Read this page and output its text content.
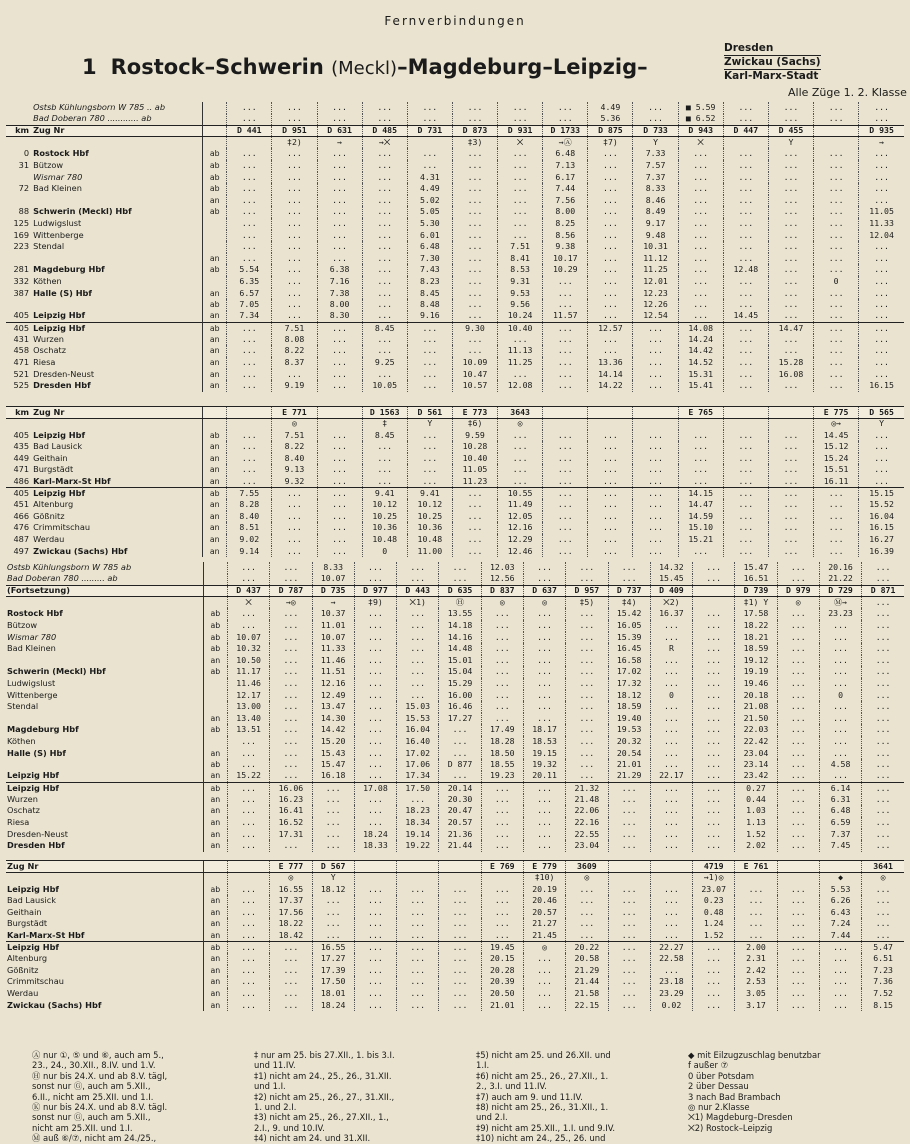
Fernverbindungen
1 Rostock–Schwerin (Meckl)–Magdeburg–Leipzig–
Dresden
Zwickau (Sachs)
Karl-Marx-Stadt
Alle Züge 1. 2. Klasse
	Ostsb Kühlungsborn W 785 .. ab		...	...	...	...	...	...	...	...	4.49	...	■ 5.59	...	...	...	...
	Bad Doberan 780 ............ ab		...	...	...	...	...	...	...	...	5.36	...	■ 6.52	...	...	...	...
km	Zug Nr		D 441	D 951	D 631	D 485	D 731	D 873	D 931	D 1733	D 875	D 733	D 943	D 447	D 455		D 935
				‡2)	→	→⨉		‡3)	⨉	→Ⓐ	‡7)	Y	⨉		Y		→
0	Rostock Hbf	ab	...	...	...	...	...	...	...	6.48	...	7.33	...	...	...	...	...
31	Bützow	ab	...	...	...	...	...	...	...	7.13	...	7.57	...	...	...	...	...
	Wismar 780	ab	...	...	...	...	4.31	...	...	6.17	...	7.37	...	...	...	...	...
72	Bad Kleinen	ab	...	...	...	...	4.49	...	...	7.44	...	8.33	...	...	...	...	...
		an	...	...	...	...	5.02	...	...	7.56	...	8.46	...	...	...	...	...
88	Schwerin (Meckl) Hbf	ab	...	...	...	...	5.05	...	...	8.00	...	8.49	...	...	...	...	11.05
125	Ludwigslust		...	...	...	...	5.30	...	...	8.25	...	9.17	...	...	...	...	11.33
169	Wittenberge		...	...	...	...	6.01	...	...	8.56	...	9.48	...	...	...	...	12.04
223	Stendal		...	...	...	...	6.48	...	7.51	9.38	...	10.31	...	...	...	...	...
		an	...	...	...	...	7.30	...	8.41	10.17	...	11.12	...	...	...	...	...
281	Magdeburg Hbf	ab	5.54	...	6.38	...	7.43	...	8.53	10.29	...	11.25	...	12.48	...	...	...
332	Köthen		6.35	...	7.16	...	8.23	...	9.31	...	...	12.01	...	...	...	0	...
387	Halle (S) Hbf	an	6.57	...	7.38	...	8.45	...	9.53	...	...	12.23	...	...	...	...	...
		ab	7.05	...	8.00	...	8.48	...	9.56	...	...	12.26	...	...	...	...	...
405	Leipzig Hbf	an	7.34	...	8.30	...	9.16	...	10.24	11.57	...	12.54	...	14.45	...	...	...
405	Leipzig Hbf	ab	...	7.51	...	8.45	...	9.30	10.40	...	12.57	...	14.08	...	14.47	...	...
431	Wurzen	an	...	8.08	...	...	...	...	...	...	...	...	14.24	...	...	...	...
458	Oschatz	an	...	8.22	...	...	...	...	11.13	...	...	...	14.42	...	...	...	...
471	Riesa	an	...	8.37	...	9.25	...	10.09	11.25	...	13.36	...	14.52	...	15.28	...	...
521	Dresden-Neust	an	...	...	...	...	...	10.47	...	...	14.14	...	15.31	...	16.08	...	...
525	Dresden Hbf	an	...	9.19	...	10.05	...	10.57	12.08	...	14.22	...	15.41	...	...	...	16.15
km	Zug Nr			E 771		D 1563	D 561	E 773	3643				E 765			E 775	D 565
				◎		‡	Y	‡6)	◎							◎→	Y
405	Leipzig Hbf	ab	...	7.51	...	8.45	...	9.59	...	...	...	...	...	...	...	14.45	...
435	Bad Lausick	an	...	8.22	...	...	...	10.28	...	...	...	...	...	...	...	15.12	...
449	Geithain	an	...	8.40	...	...	...	10.40	...	...	...	...	...	...	...	15.24	...
471	Burgstädt	an	...	9.13	...	...	...	11.05	...	...	...	...	...	...	...	15.51	...
486	Karl-Marx-St Hbf	an	...	9.32	...	...	...	11.23	...	...	...	...	...	...	...	16.11	...
405	Leipzig Hbf	ab	7.55	...	...	9.41	9.41	...	10.55	...	...	...	14.15	...	...	...	15.15
451	Altenburg	an	8.28	...	...	10.12	10.12	...	11.49	...	...	...	14.47	...	...	...	15.52
466	Gößnitz	an	8.40	...	...	10.25	10.25	...	12.05	...	...	...	14.59	...	...	...	16.04
476	Crimmitschau	an	8.51	...	...	10.36	10.36	...	12.16	...	...	...	15.10	...	...	...	16.15
487	Werdau	an	9.02	...	...	10.48	10.48	...	12.29	...	...	...	15.21	...	...	...	16.27
497	Zwickau (Sachs) Hbf	an	9.14	...	...	0	11.00	...	12.46	...	...	...	...	...	...	...	16.39
	Ostsb Kühlungsborn W 785 ab		...	...	8.33	...	...	...	12.03	...	...	...	14.32	...	15.47	...	20.16	...
	Bad Doberan 780 ......... ab		...	...	10.07	...	...	...	12.56	...	...	...	15.45	...	16.51	...	21.22	...
	(Fortsetzung)		D 437	D 787	D 735	D 977	D 443	D 635	D 837	D 637	D 957	D 737	D 409		D 739	D 979	D 729	D 871
			⨉	→◎	→	‡9)	⨉1)	Ⓗ	◎	◎	‡5)	‡4)	⨉2)		‡1) Y	◎	Ⓜ→	...
	Rostock Hbf	ab	...	...	10.37	...	...	13.55	...	...	...	15.42	16.37	...	17.58	...	23.23	...
	Bützow	ab	...	...	11.01	...	...	14.18	...	...	...	16.05	...	...	18.22	...	...	...
	Wismar 780	ab	10.07	...	10.07	...	...	14.16	...	...	...	15.39	...	...	18.21	...	...	...
	Bad Kleinen	ab	10.32	...	11.33	...	...	14.48	...	...	...	16.45	R	...	18.59	...	...	...
		an	10.50	...	11.46	...	...	15.01	...	...	...	16.58	...	...	19.12	...	...	...
	Schwerin (Meckl) Hbf	ab	11.17	...	11.51	...	...	15.04	...	...	...	17.02	...	...	19.19	...	...	...
	Ludwigslust		11.46	...	12.16	...	...	15.29	...	...	...	17.32	...	...	19.46	...	...	...
	Wittenberge		12.17	...	12.49	...	...	16.00	...	...	...	18.12	0	...	20.18	...	0	...
	Stendal		13.00	...	13.47	...	15.03	16.46	...	...	...	18.59	...	...	21.08	...	...	...
		an	13.40	...	14.30	...	15.53	17.27	...	...	...	19.40	...	...	21.50	...	...	...
	Magdeburg Hbf	ab	13.51	...	14.42	...	16.04	...	17.49	18.17	...	19.53	...	...	22.03	...	...	...
	Köthen		...	...	15.20	...	16.40	...	18.28	18.53	...	20.32	...	...	22.42	...	...	...
	Halle (S) Hbf	an	...	...	15.43	...	17.02	...	18.50	19.15	...	20.54	...	...	23.04	...	...	...
		ab	...	...	15.47	...	17.06	D 877	18.55	19.32	...	21.01	...	...	23.14	...	4.58	...
	Leipzig Hbf	an	15.22	...	16.18	...	17.34	...	19.23	20.11	...	21.29	22.17	...	23.42	...	...	...
	Leipzig Hbf	ab	...	16.06	...	17.08	17.50	20.14	...	...	21.32	...	...	...	0.27	...	6.14	...
	Wurzen	an	...	16.23	...	...	...	20.30	...	...	21.48	...	...	...	0.44	...	6.31	...
	Oschatz	an	...	16.41	...	...	18.23	20.47	...	...	22.06	...	...	...	1.03	...	6.48	...
	Riesa	an	...	16.52	...	...	18.34	20.57	...	...	22.16	...	...	...	1.13	...	6.59	...
	Dresden-Neust	an	...	17.31	...	18.24	19.14	21.36	...	...	22.55	...	...	...	1.52	...	7.37	...
	Dresden Hbf	an	...	...	...	18.33	19.22	21.44	...	...	23.04	...	...	...	2.02	...	7.45	...
	Zug Nr			E 777	D 567				E 769	E 779	3609			4719	E 761			3641
				◎	Y					‡10)	◎			→1)◎			◆	◎
	Leipzig Hbf	ab	...	16.55	18.12	...	...	...	...	20.19	...	...	...	23.07	...	...	5.53	...
	Bad Lausick	an	...	17.37	...	...	...	...	...	20.46	...	...	...	0.23	...	...	6.26	...
	Geithain	an	...	17.56	...	...	...	...	...	20.57	...	...	...	0.48	...	...	6.43	...
	Burgstädt	an	...	18.22	...	...	...	...	...	21.27	...	...	...	1.24	...	...	7.24	...
	Karl-Marx-St Hbf	an	...	18.42	...	...	...	...	...	21.45	...	...	...	1.52	...	...	7.44	...
	Leipzig Hbf	ab	...	...	16.55	...	...	...	19.45	◎	20.22	...	22.27	...	2.00	...	...	5.47
	Altenburg	an	...	...	17.27	...	...	...	20.15	...	20.58	...	22.58	...	2.31	...	...	6.51
	Gößnitz	an	...	...	17.39	...	...	...	20.28	...	21.29	...	...	...	2.42	...	...	7.23
	Crimmitschau	an	...	...	17.50	...	...	...	20.39	...	21.44	...	23.18	...	2.53	...	...	7.36
	Werdau	an	...	...	18.01	...	...	...	20.50	...	21.58	...	23.29	...	3.05	...	...	7.52
	Zwickau (Sachs) Hbf	an	...	...	18.24	...	...	...	21.01	...	22.15	...	0.02	...	3.17	...	...	8.15
Ⓐ nur ①, ⑤ und ⑥, auch am 5.,
23., 24., 30.XII., 8.IV. und 1.V.
Ⓗ nur bis 24.X. und ab 8.V. tägl,
sonst nur Ⓖ, auch am 5.XII.,
6.II., nicht am 25.XII. und 1.I.
Ⓚ nur bis 24.X. und ab 8.V. tägl.
sonst nur Ⓖ, auch am 5.XII.,
nicht am 25.XII. und 1.I.
Ⓜ auß ⑥/⑦, nicht am 24./25.,
‡ nur am 25. bis 27.XII., 1. bis 3.I.
und 11.IV.
‡1) nicht am 24., 25., 26., 31.XII.
und 1.I.
‡2) nicht am 25., 26., 27., 31.XII.,
1. und 2.I.
‡3) nicht am 25., 26., 27.XII., 1.,
2.I., 9. und 10.IV.
‡4) nicht am 24. und 31.XII.
‡5) nicht am 25. und 26.XII. und
1.I.
‡6) nicht am 25., 26., 27.XII., 1.
2., 3.I. und 11.IV.
‡7) auch am 9. und 11.IV.
‡8) nicht am 25., 26., 31.XII., 1.
und 2.I.
‡9) nicht am 25.XII., 1.I. und 9.IV.
‡10) nicht am 24., 25., 26. und
◆ mit Eilzugzuschlag benutzbar
f außer ⑦
0 über Potsdam
2 über Dessau
3 nach Bad Brambach
◎ nur 2.Klasse
⨉1) Magdeburg–Dresden
⨉2) Rostock–Leipzig
